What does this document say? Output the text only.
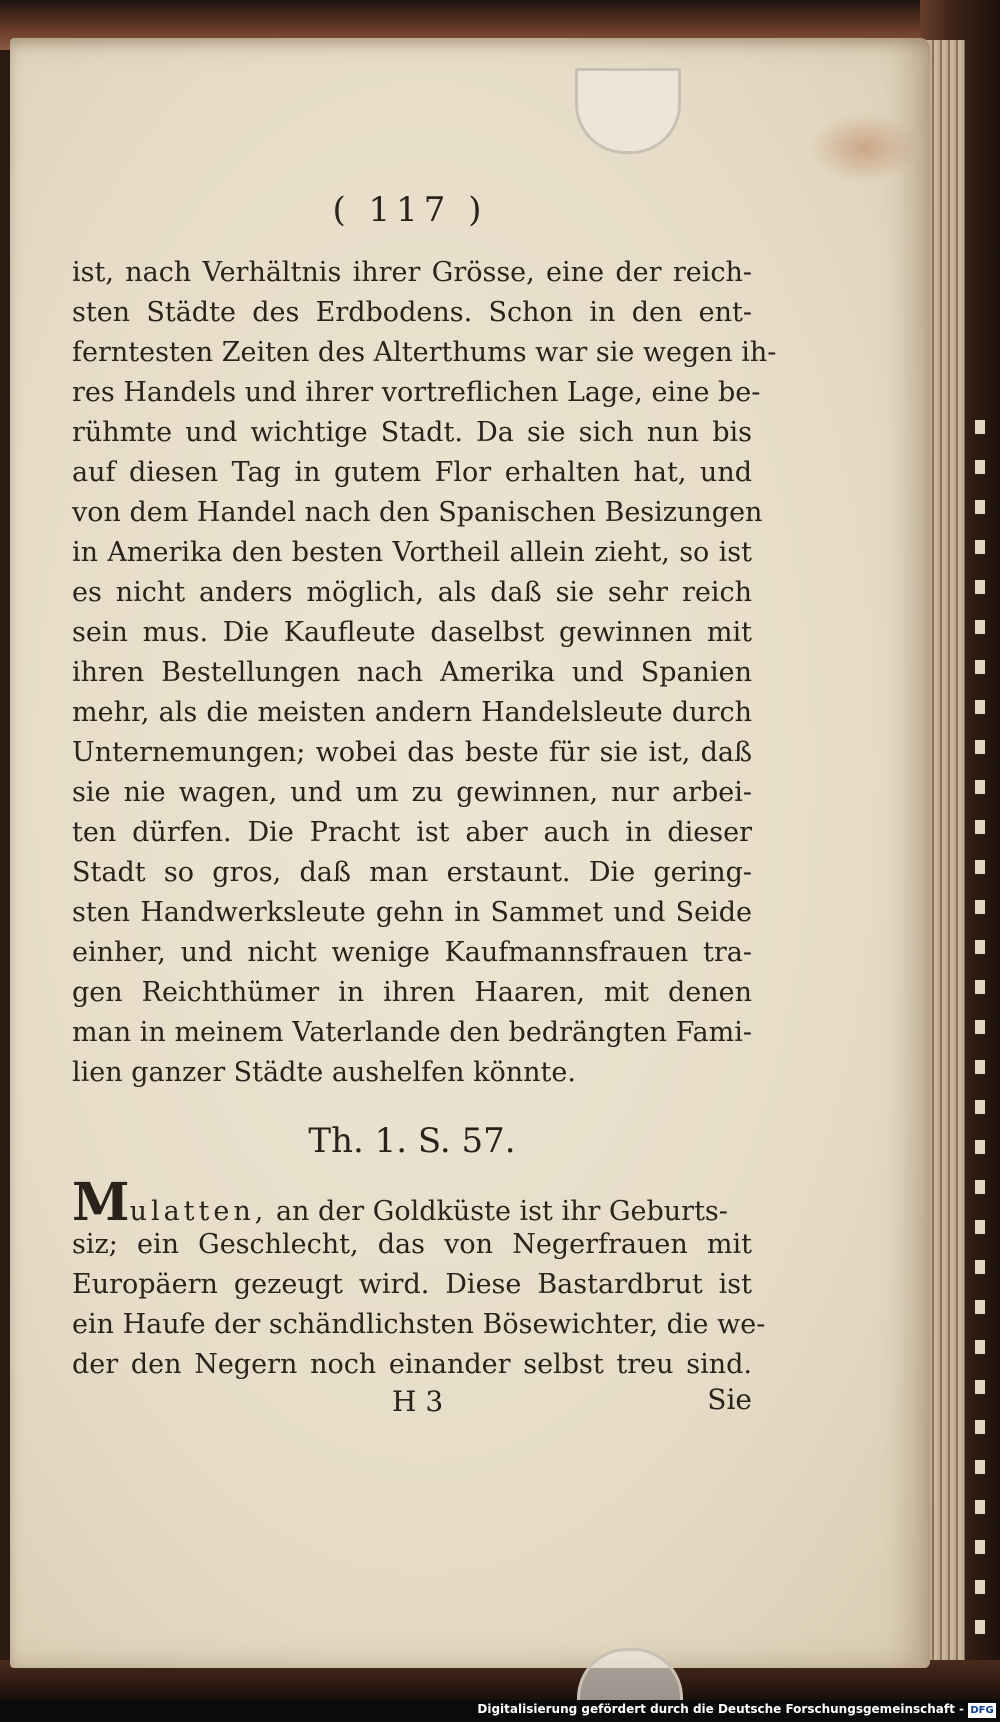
( 117 )
ist, nach Verhältnis ihrer Grösse, eine der reich-
sten Städte des Erdbodens. Schon in den ent-
ferntesten Zeiten des Alterthums war sie wegen ih-
res Handels und ihrer vortreflichen Lage, eine be-
rühmte und wichtige Stadt. Da sie sich nun bis
auf diesen Tag in gutem Flor erhalten hat, und
von dem Handel nach den Spanischen Besizungen
in Amerika den besten Vortheil allein zieht, so ist
es nicht anders möglich, als daß sie sehr reich
sein mus. Die Kaufleute daselbst gewinnen mit
ihren Bestellungen nach Amerika und Spanien
mehr, als die meisten andern Handelsleute durch
Unternemungen; wobei das beste für sie ist, daß
sie nie wagen, und um zu gewinnen, nur arbei-
ten dürfen. Die Pracht ist aber auch in dieser
Stadt so gros, daß man erstaunt. Die gering-
sten Handwerksleute gehn in Sammet und Seide
einher, und nicht wenige Kaufmannsfrauen tra-
gen Reichthümer in ihren Haaren, mit denen
man in meinem Vaterlande den bedrängten Fami-
lien ganzer Städte aushelfen könnte.
Th. 1. S. 57.
Mulatten, an der Goldküste ist ihr Geburts-
siz; ein Geschlecht, das von Negerfrauen mit
Europäern gezeugt wird. Diese Bastardbrut ist
ein Haufe der schändlichsten Bösewichter, die we-
der den Negern noch einander selbst treu sind.
H 3	Sie
Digitalisierung gefördert durch die Deutsche Forschungsgemeinschaft - DFG
